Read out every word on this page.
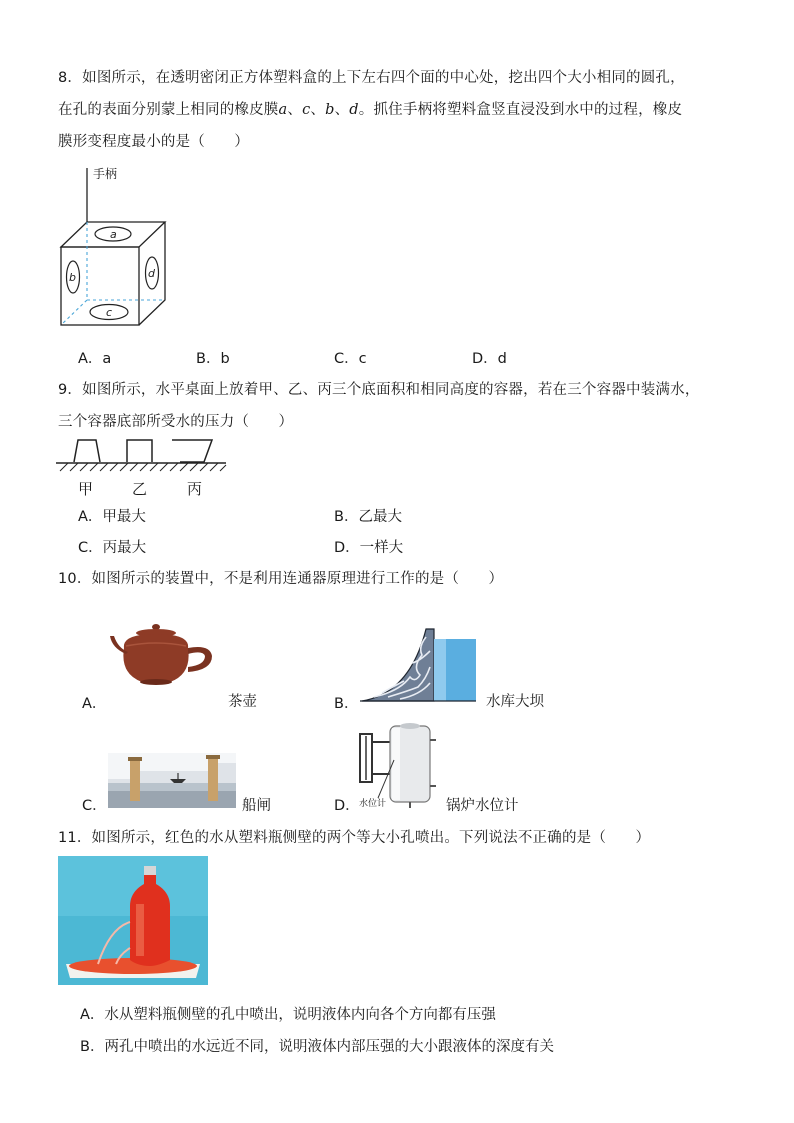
8．如图所示，在透明密闭正方体塑料盒的上下左右四个面的中心处，挖出四个大小相同的圆孔，
在孔的表面分别蒙上相同的橡皮膜a、c、b、d。抓住手柄将塑料盒竖直浸没到水中的过程，橡皮
膜形变程度最小的是（　　）
手柄
a
b	d
c
A．a	B．b	C．c	D．d
9．如图所示，水平桌面上放着甲、乙、丙三个底面积和相同高度的容器，若在三个容器中装满水，
三个容器底部所受水的压力（　　）
甲	乙	丙
A．甲最大	B．乙最大
C．丙最大	D．一样大
10．如图所示的装置中，不是利用连通器原理进行工作的是（　　）
A．	茶壶	B．	水库大坝
C．	船闸	D． 水位计	锅炉水位计
11．如图所示，红色的水从塑料瓶侧壁的两个等大小孔喷出。下列说法不正确的是（　　）
A．水从塑料瓶侧壁的孔中喷出，说明液体内向各个方向都有压强
B．两孔中喷出的水远近不同，说明液体内部压强的大小跟液体的深度有关
